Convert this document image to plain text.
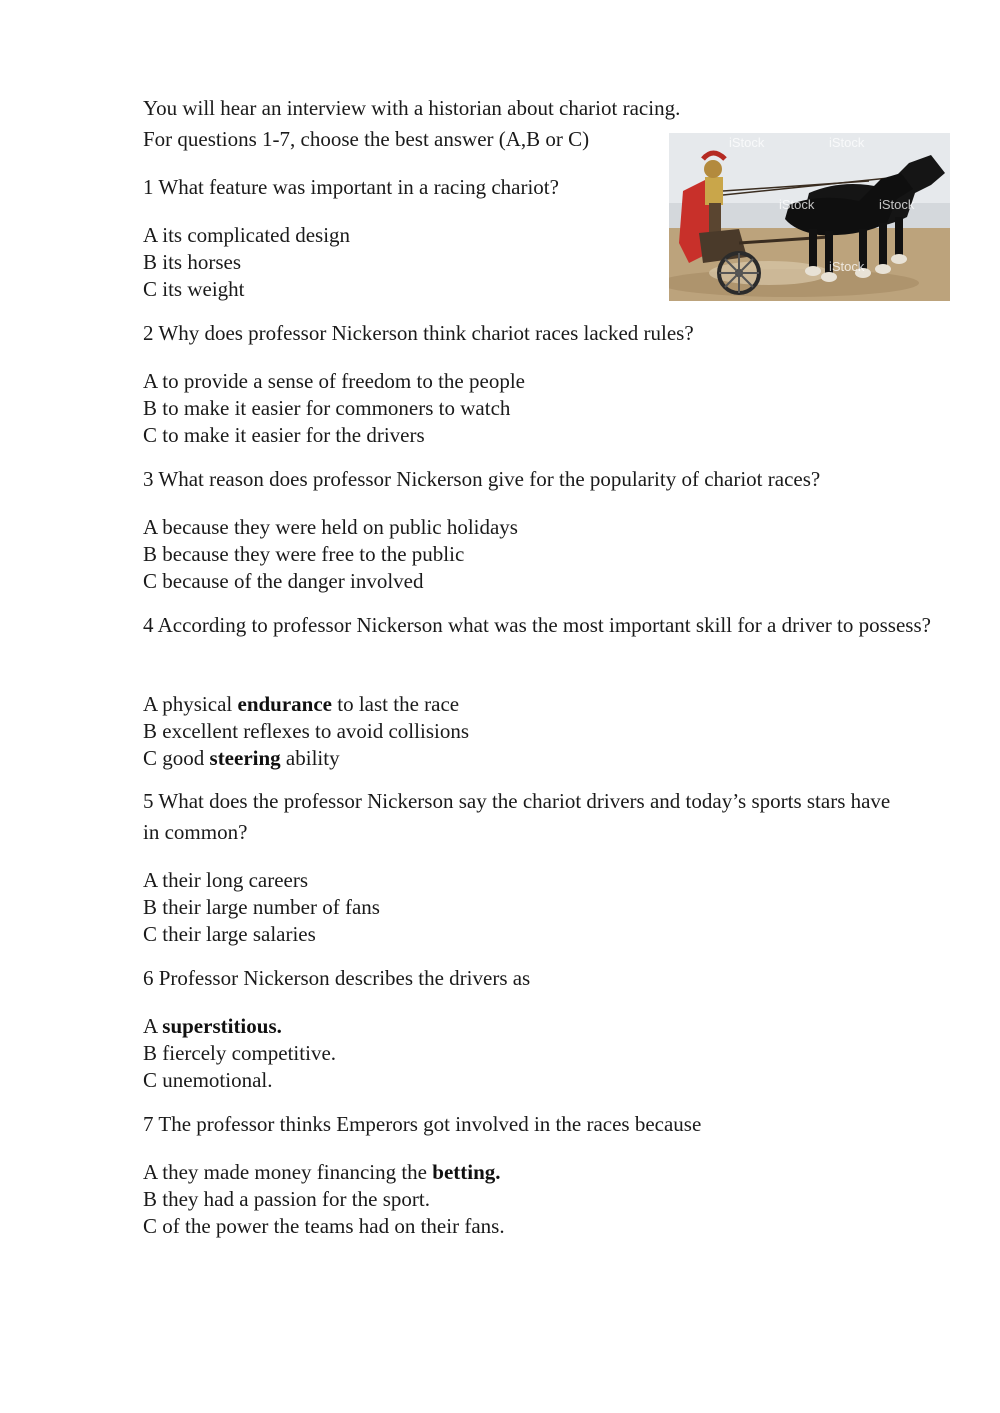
You will hear an interview with a historian about chariot racing.
For questions 1-7, choose the best answer (A,B or C)	iStock	iStock
iStock	iStock
iStock
1 What feature was important in a racing chariot?
A its complicated design
B its horses
C its weight
2 Why does professor Nickerson think chariot races lacked rules?
A to provide a sense of freedom to the people
B to make it easier for commoners to watch
C to make it easier for the drivers
3 What reason does professor Nickerson give for the popularity of chariot races?
A because they were held on public holidays
B because they were free to the public
C because of the danger involved
4 According to professor Nickerson what was the most important skill for a driver to possess?
A physical endurance to last the race
B excellent reflexes to avoid collisions
C good steering ability
5 What does the professor Nickerson say the chariot drivers and today’s sports stars have in common?
A their long careers
B their large number of fans
C their large salaries
6 Professor Nickerson describes the drivers as
A superstitious.
B fiercely competitive.
C unemotional.
7 The professor thinks Emperors got involved in the races because
A they made money financing the betting.
B they had a passion for the sport.
C of the power the teams had on their fans.
